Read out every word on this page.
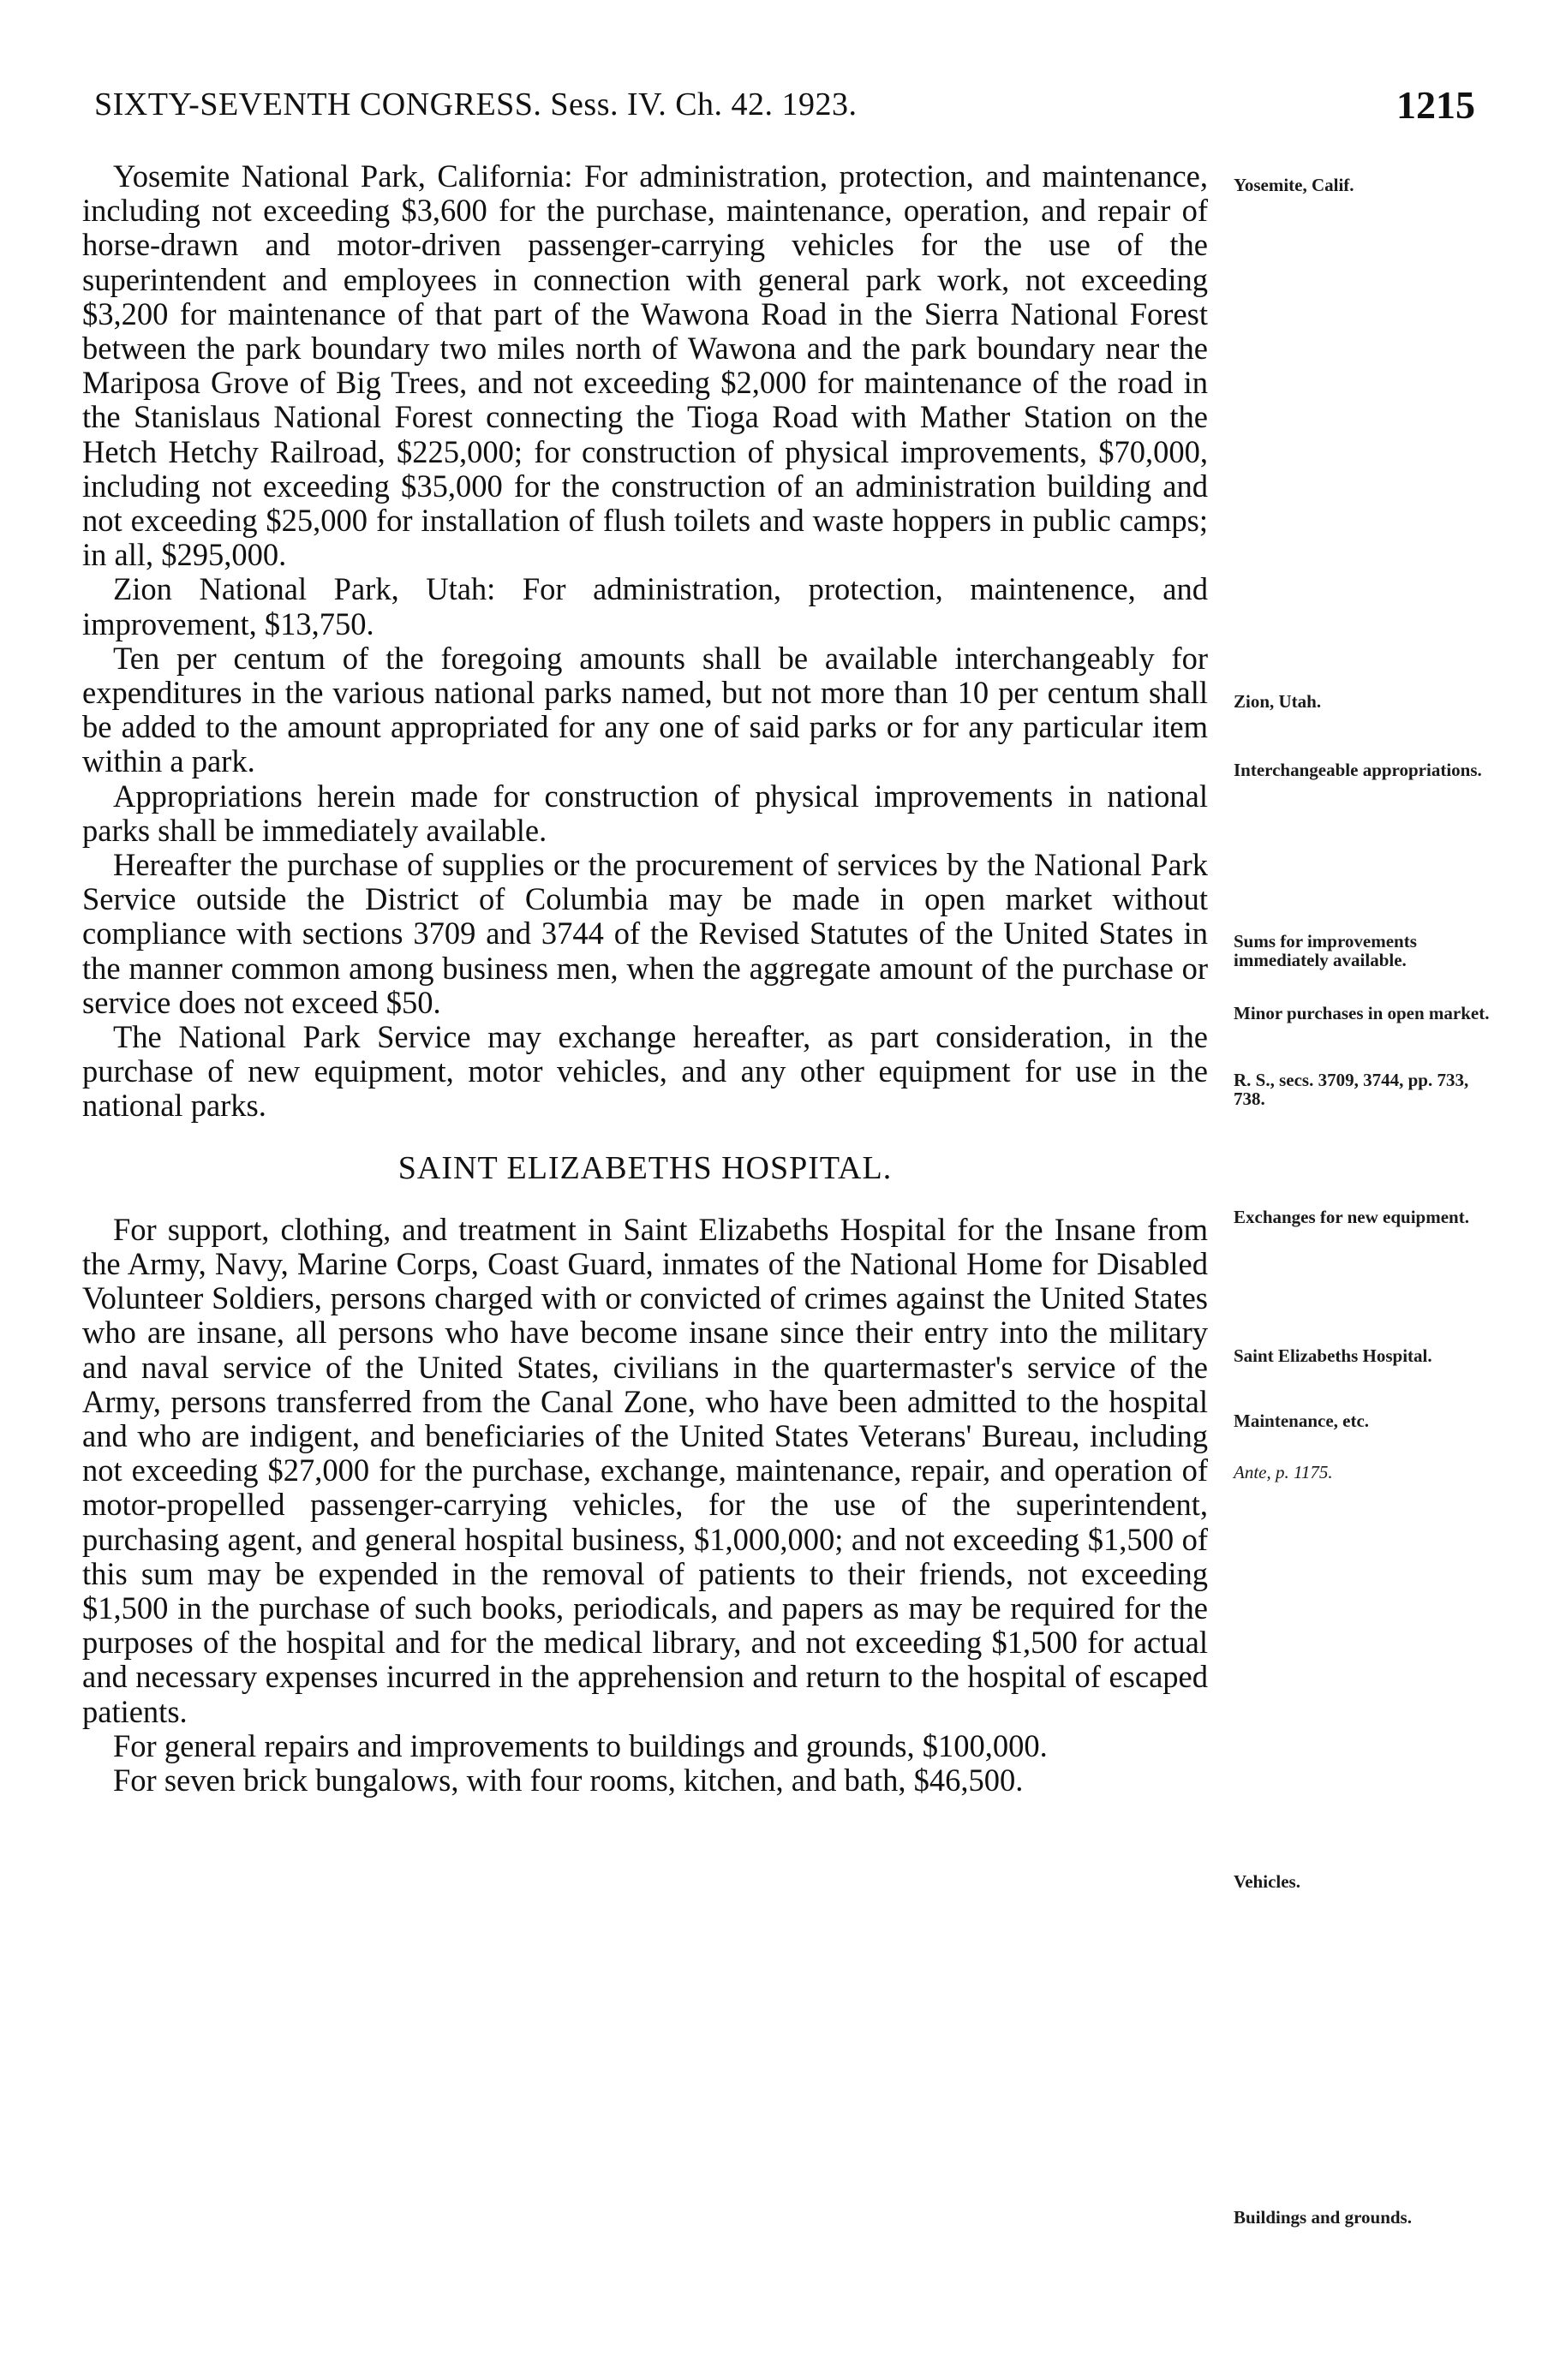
SIXTY-SEVENTH CONGRESS. Sess. IV. Ch. 42. 1923.	1215

Yosemite National Park, California: For administration, protection, and maintenance, including not exceeding $3,600 for the purchase, maintenance, operation, and repair of horse-drawn and motor-driven passenger-carrying vehicles for the use of the superintendent and employees in connection with general park work, not exceeding $3,200 for maintenance of that part of the Wawona Road in the Sierra National Forest between the park boundary two miles north of Wawona and the park boundary near the Mariposa Grove of Big Trees, and not exceeding $2,000 for maintenance of the road in the Stanislaus National Forest connecting the Tioga Road with Mather Station on the Hetch Hetchy Railroad, $225,000; for construction of physical improvements, $70,000, including not exceeding $35,000 for the construction of an administration building and not exceeding $25,000 for installation of flush toilets and waste hoppers in public camps; in all, $295,000.

Zion National Park, Utah: For administration, protection, maintenence, and improvement, $13,750.

Ten per centum of the foregoing amounts shall be available interchangeably for expenditures in the various national parks named, but not more than 10 per centum shall be added to the amount appropriated for any one of said parks or for any particular item within a park.

Appropriations herein made for construction of physical improvements in national parks shall be immediately available.

Hereafter the purchase of supplies or the procurement of services by the National Park Service outside the District of Columbia may be made in open market without compliance with sections 3709 and 3744 of the Revised Statutes of the United States in the manner common among business men, when the aggregate amount of the purchase or service does not exceed $50.

The National Park Service may exchange hereafter, as part consideration, in the purchase of new equipment, motor vehicles, and any other equipment for use in the national parks.

SAINT ELIZABETHS HOSPITAL.

For support, clothing, and treatment in Saint Elizabeths Hospital for the Insane from the Army, Navy, Marine Corps, Coast Guard, inmates of the National Home for Disabled Volunteer Soldiers, persons charged with or convicted of crimes against the United States who are insane, all persons who have become insane since their entry into the military and naval service of the United States, civilians in the quartermaster's service of the Army, persons transferred from the Canal Zone, who have been admitted to the hospital and who are indigent, and beneficiaries of the United States Veterans' Bureau, including not exceeding $27,000 for the purchase, exchange, maintenance, repair, and operation of motor-propelled passenger-carrying vehicles, for the use of the superintendent, purchasing agent, and general hospital business, $1,000,000; and not exceeding $1,500 of this sum may be expended in the removal of patients to their friends, not exceeding $1,500 in the purchase of such books, periodicals, and papers as may be required for the purposes of the hospital and for the medical library, and not exceeding $1,500 for actual and necessary expenses incurred in the apprehension and return to the hospital of escaped patients.

For general repairs and improvements to buildings and grounds, $100,000.

For seven brick bungalows, with four rooms, kitchen, and bath, $46,500.

Yosemite, Calif.
Zion, Utah.
Interchangeable appropriations.
Sums for improvements immediately available.
Minor purchases in open market.
R. S., secs. 3709, 3744, pp. 733, 738.
Exchanges for new equipment.
Saint Elizabeths Hospital.
Maintenance, etc.
Ante, p. 1175.
Vehicles.
Buildings and grounds.
